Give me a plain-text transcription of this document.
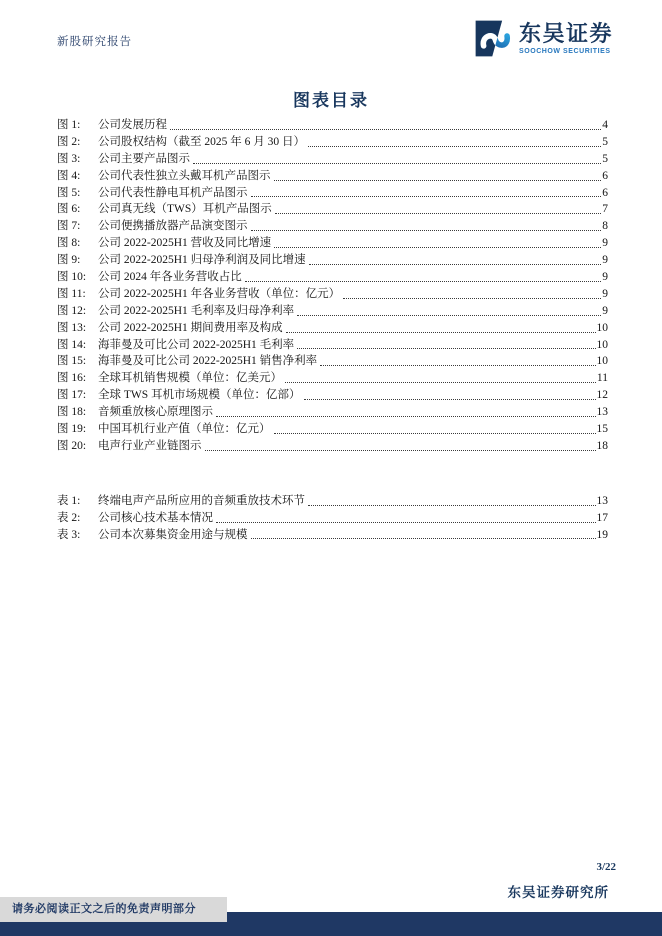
新股研究报告	东吴证券
SOOCHOW SECURITIES
图表目录
图 1:	公司发展历程	4
图 2:	公司股权结构（截至 2025 年 6 月 30 日）	5
图 3:	公司主要产品图示	5
图 4:	公司代表性独立头戴耳机产品图示	6
图 5:	公司代表性静电耳机产品图示	6
图 6:	公司真无线（TWS）耳机产品图示	7
图 7:	公司便携播放器产品演变图示	8
图 8:	公司 2022-2025H1 营收及同比增速	9
图 9:	公司 2022-2025H1 归母净利润及同比增速	9
图 10:	公司 2024 年各业务营收占比	9
图 11:	公司 2022-2025H1 年各业务营收（单位：亿元）	9
图 12:	公司 2022-2025H1 毛利率及归母净利率	9
图 13:	公司 2022-2025H1 期间费用率及构成	10
图 14:	海菲曼及可比公司 2022-2025H1 毛利率	10
图 15:	海菲曼及可比公司 2022-2025H1 销售净利率	10
图 16:	全球耳机销售规模（单位：亿美元）	11
图 17:	全球 TWS 耳机市场规模（单位：亿部）	12
图 18:	音频重放核心原理图示	13
图 19:	中国耳机行业产值（单位：亿元）	15
图 20:	电声行业产业链图示	18
表 1:	终端电声产品所应用的音频重放技术环节	13
表 2:	公司核心技术基本情况	17
表 3:	公司本次募集资金用途与规模	19
3/22
东吴证券研究所
请务必阅读正文之后的免责声明部分
